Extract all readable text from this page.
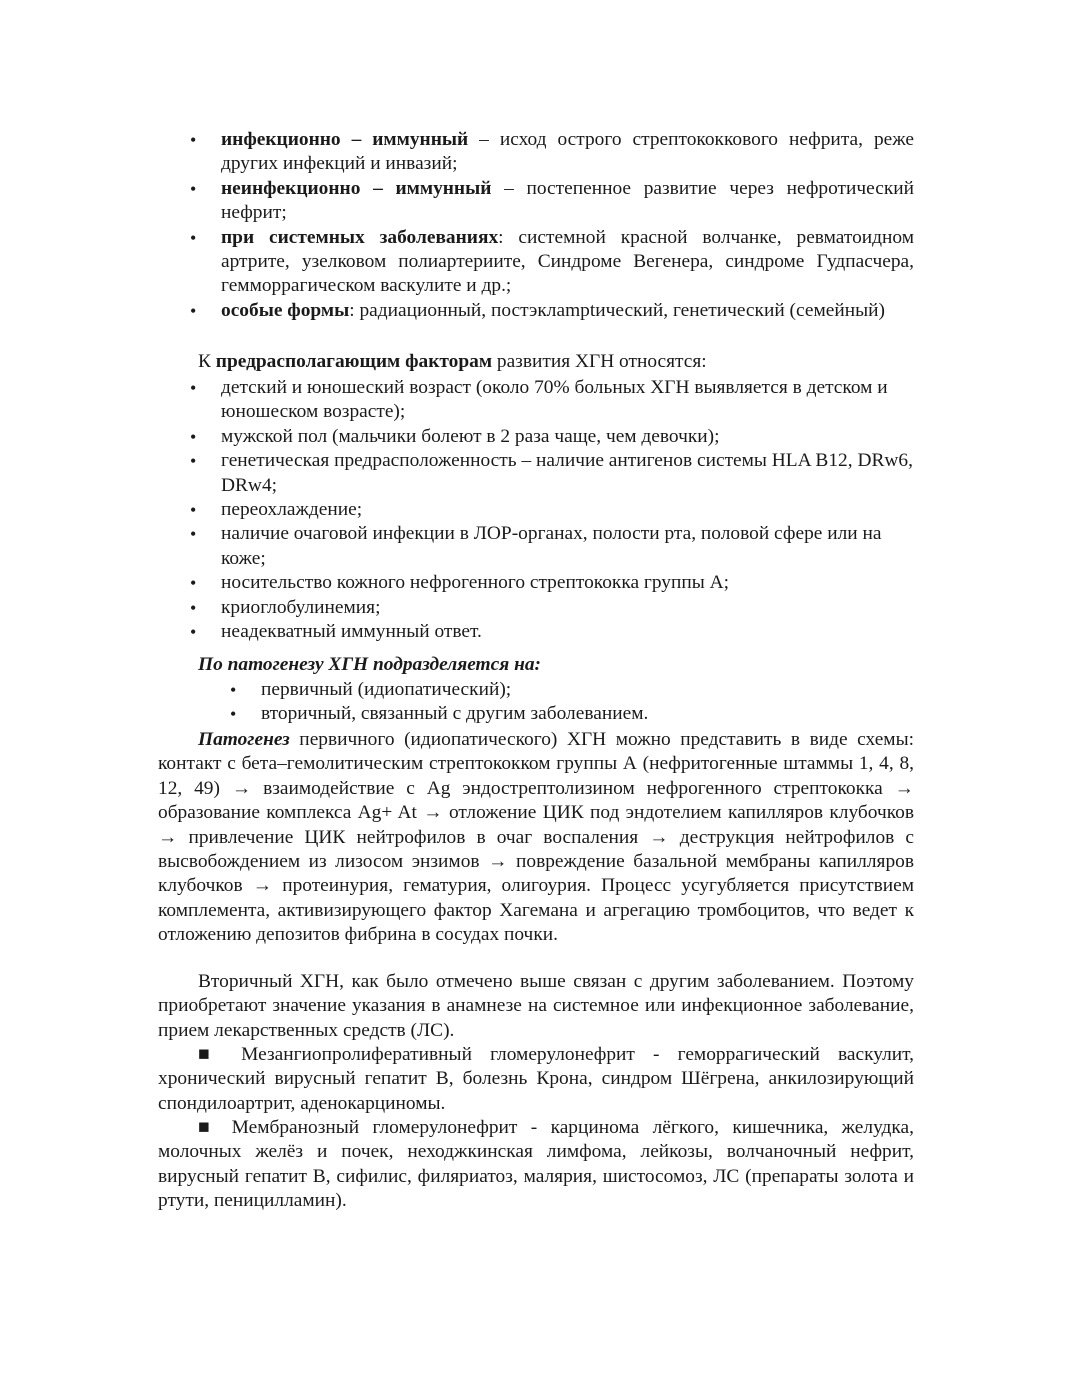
• инфекционно – иммунный – исход острого стрептококкового нефрита, реже других инфекций и инвазий;
• неинфекционно – иммунный – постепенное развитие через нефротический нефрит;
• при системных заболеваниях: системной красной волчанке, ревматоидном артрите, узелковом полиартериите, Синдроме Вегенера, синдроме Гудпасчера, гемморрагическом васкулите и др.;
• особые формы: радиационный, постэклamptический, генетический (семейный)

К предрасполагающим факторам развития ХГН относятся:

• детский и юношеский возраст (около 70% больных ХГН выявляется в детском и юношеском возрасте);
• мужской пол (мальчики болеют в 2 раза чаще, чем девочки);
• генетическая предрасположенность – наличие антигенов системы HLA В12, DRw6, DRw4;
• переохлаждение;
• наличие очаговой инфекции в ЛОР-органах, полости рта, половой сфере или на коже;
• носительство кожного нефрогенного стрептококка группы А;
• криоглобулинемия;
• неадекватный иммунный ответ.

По патогенезу ХГН подразделяется на:

• первичный (идиопатический);
• вторичный, связанный с другим заболеванием.

Патогенез первичного (идиопатического) ХГН можно представить в виде схемы: контакт с бета–гемолитическим стрептококком группы А (нефритогенные штаммы 1, 4, 8, 12, 49) → взаимодействие с Ag эндострептолизином нефрогенного стрептококка → образование комплекса Ag+ At → отложение ЦИК под эндотелием капилляров клубочков → привлечение ЦИК нейтрофилов в очаг воспаления → деструкция нейтрофилов с высвобождением из лизосом энзимов → повреждение базальной мембраны капилляров клубочков → протеинурия, гематурия, олигоурия. Процесс усугубляется присутствием комплемента, активизирующего фактор Хагемана и агрегацию тромбоцитов, что ведет к отложению депозитов фибрина в сосудах почки.

Вторичный ХГН, как было отмечено выше связан с другим заболеванием. Поэтому приобретают значение указания в анамнезе на системное или инфекционное заболевание, прием лекарственных средств (ЛС).

■ Мезангиопролиферативный гломерулонефрит - геморрагический васкулит, хронический вирусный гепатит В, болезнь Крона, синдром Шёгрена, анкилозирующий спондилоартрит, аденокарциномы.

■ Мембранозный гломерулонефрит - карцинома лёгкого, кишечника, желудка, молочных желёз и почек, неходжкинская лимфома, лейкозы, волчаночный нефрит, вирусный гепатит В, сифилис, филяриатоз, малярия, шистосомоз, ЛС (препараты золота и ртути, пеницилламин).
